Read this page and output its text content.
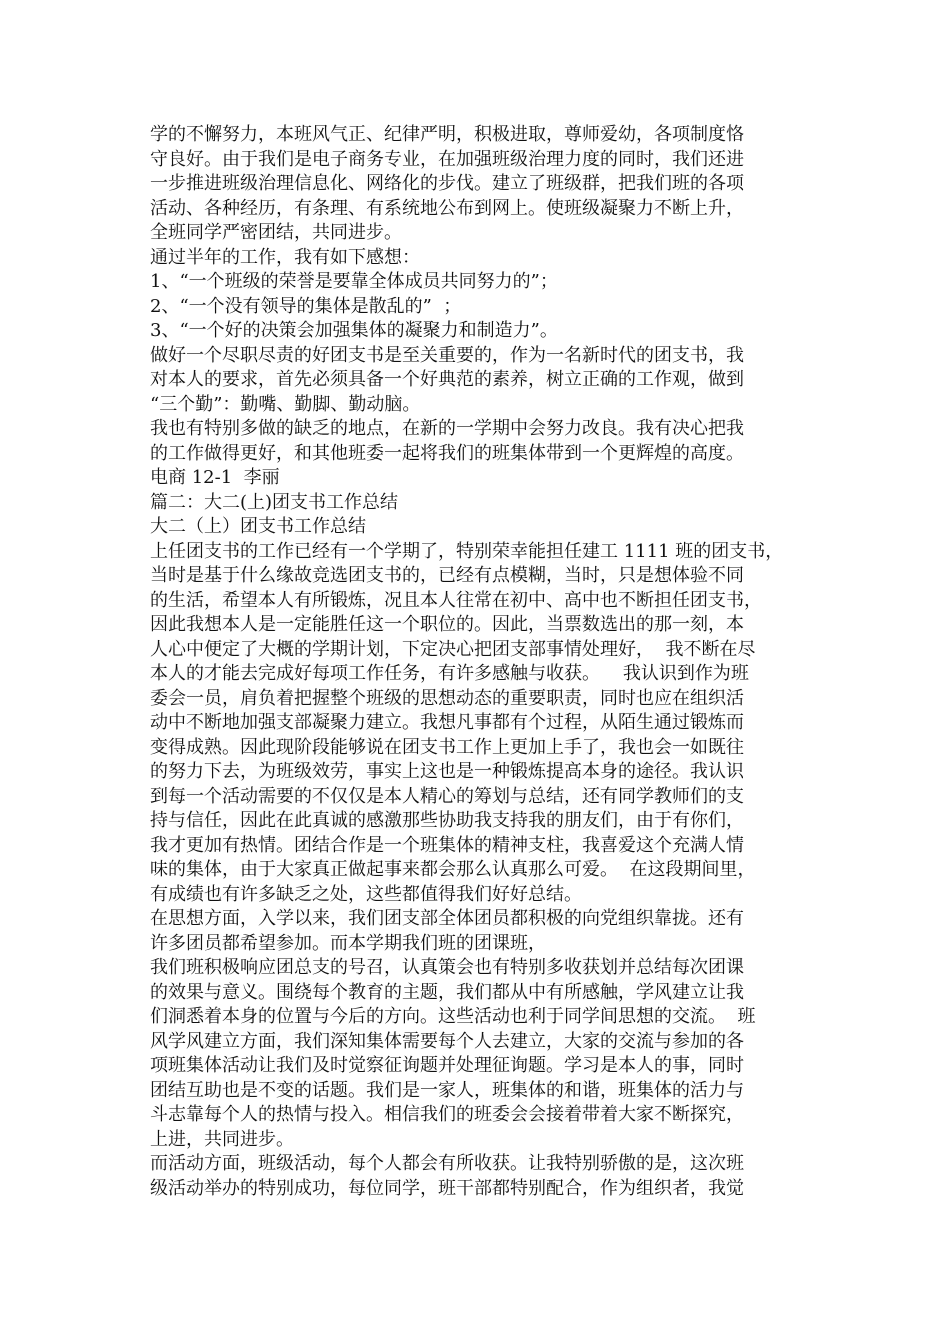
学的不懈努力，本班风气正、纪律严明，积极进取，尊师爱幼，各项制度恪
守良好。由于我们是电子商务专业，在加强班级治理力度的同时，我们还进
一步推进班级治理信息化、网络化的步伐。建立了班级群，把我们班的各项
活动、各种经历，有条理、有系统地公布到网上。使班级凝聚力不断上升，
全班同学严密团结，共同进步。
通过半年的工作，我有如下感想：
1、“一个班级的荣誉是要靠全体成员共同努力的”；
2、“一个没有领导的集体是散乱的”  ；
3、“一个好的决策会加强集体的凝聚力和制造力”。
做好一个尽职尽责的好团支书是至关重要的，作为一名新时代的团支书，我
对本人的要求，首先必须具备一个好典范的素养，树立正确的工作观，做到
“三个勤”：勤嘴、勤脚、勤动脑。
我也有特别多做的缺乏的地点，在新的一学期中会努力改良。我有决心把我
的工作做得更好，和其他班委一起将我们的班集体带到一个更辉煌的高度。
电商 12-1  李丽
篇二：大二(上)团支书工作总结
大二（上）团支书工作总结
上任团支书的工作已经有一个学期了，特别荣幸能担任建工 1111 班的团支书，
当时是基于什么缘故竞选团支书的，已经有点模糊，当时，只是想体验不同
的生活，希望本人有所锻炼，况且本人往常在初中、高中也不断担任团支书，
因此我想本人是一定能胜任这一个职位的。因此，当票数选出的那一刻，本
人心中便定了大概的学期计划，下定决心把团支部事情处理好，  我不断在尽
本人的才能去完成好每项工作任务，有许多感触与收获。    我认识到作为班
委会一员，肩负着把握整个班级的思想动态的重要职责，同时也应在组织活
动中不断地加强支部凝聚力建立。我想凡事都有个过程，从陌生通过锻炼而
变得成熟。因此现阶段能够说在团支书工作上更加上手了，我也会一如既往
的努力下去，为班级效劳，事实上这也是一种锻炼提高本身的途径。我认识
到每一个活动需要的不仅仅是本人精心的筹划与总结，还有同学教师们的支
持与信任，因此在此真诚的感激那些协助我支持我的朋友们，由于有你们，
我才更加有热情。团结合作是一个班集体的精神支柱，我喜爱这个充满人情
味的集体，由于大家真正做起事来都会那么认真那么可爱。  在这段期间里，
有成绩也有许多缺乏之处，这些都值得我们好好总结。
在思想方面，入学以来，我们团支部全体团员都积极的向党组织靠拢。还有
许多团员都希望参加。而本学期我们班的团课班，
我们班积极响应团总支的号召，认真策会也有特别多收获划并总结每次团课
的效果与意义。围绕每个教育的主题，我们都从中有所感触，学风建立让我
们洞悉着本身的位置与今后的方向。这些活动也利于同学间思想的交流。  班
风学风建立方面，我们深知集体需要每个人去建立，大家的交流与参加的各
项班集体活动让我们及时觉察征询题并处理征询题。学习是本人的事，同时
团结互助也是不变的话题。我们是一家人，班集体的和谐，班集体的活力与
斗志靠每个人的热情与投入。相信我们的班委会会接着带着大家不断探究，
上进，共同进步。
而活动方面，班级活动，每个人都会有所收获。让我特别骄傲的是，这次班
级活动举办的特别成功，每位同学，班干部都特别配合，作为组织者，我觉
